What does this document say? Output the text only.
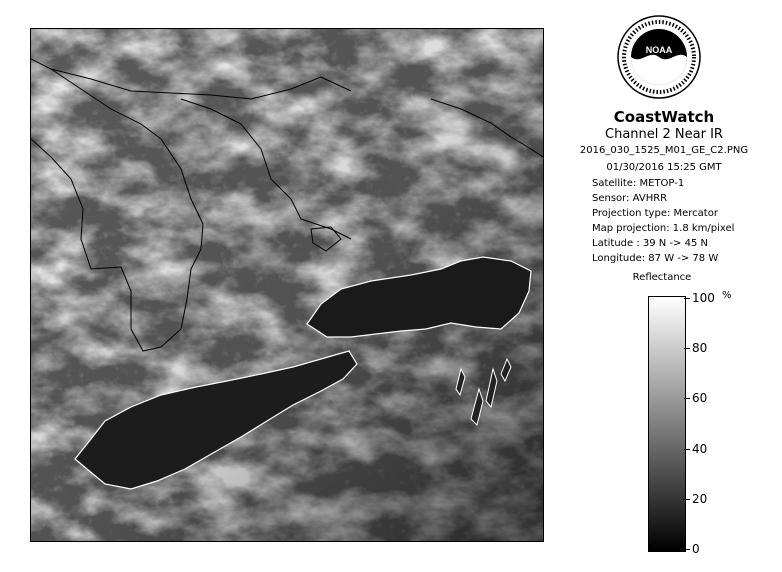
NOAA
CoastWatch
Channel 2 Near IR
2016_030_1525_M01_GE_C2.PNG
01/30/2016 15:25 GMT
Satellite: METOP-1
Sensor: AVHRR
Projection type: Mercator
Map projection: 1.8 km/pixel
Latitude : 39 N -> 45 N
Longitude: 87 W -> 78 W
Reflectance
%
100
80
60
40
20
0
